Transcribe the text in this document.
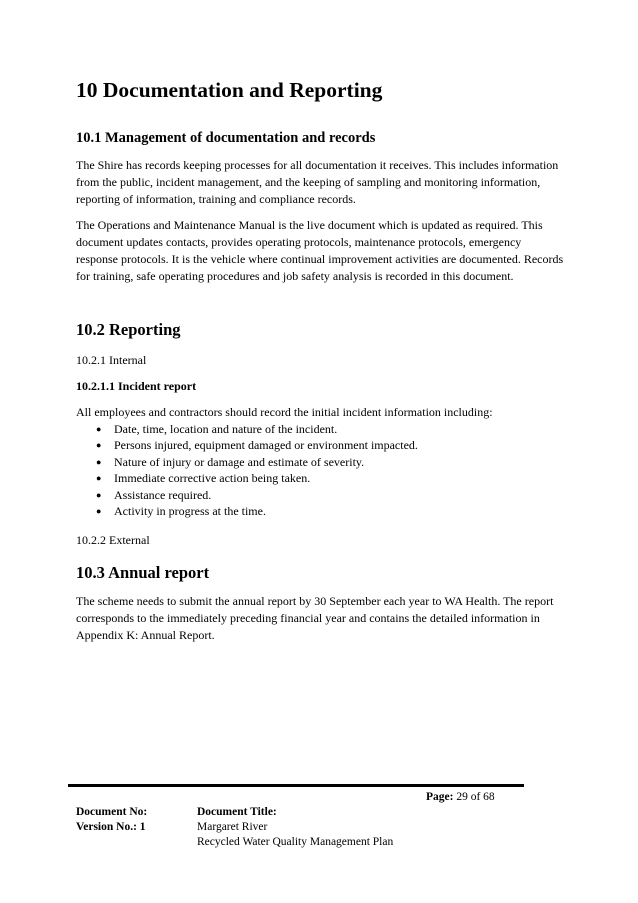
10 Documentation and Reporting
10.1 Management of documentation and records

The Shire has records keeping processes for all documentation it receives. This includes information from the public, incident management, and the keeping of sampling and monitoring information, reporting of information, training and compliance records.

The Operations and Maintenance Manual is the live document which is updated as required. This document updates contacts, provides operating protocols, maintenance protocols, emergency response protocols. It is the vehicle where continual improvement activities are documented. Records for training, safe operating procedures and job safety analysis is recorded in this document.

10.2 Reporting
10.2.1 Internal
10.2.1.1 Incident report

All employees and contractors should record the initial incident information including:

● Date, time, location and nature of the incident.
● Persons injured, equipment damaged or environment impacted.
● Nature of injury or damage and estimate of severity.
● Immediate corrective action being taken.
● Assistance required.
● Activity in progress at the time.
10.2.2 External
10.3 Annual report

The scheme needs to submit the annual report by 30 September each year to WA Health. The report corresponds to the immediately preceding financial year and contains the detailed information in Appendix K: Annual Report.

Page: 29 of 68
Document No:
Version No.: 1
Document Title:
Margaret River
Recycled Water Quality Management Plan
